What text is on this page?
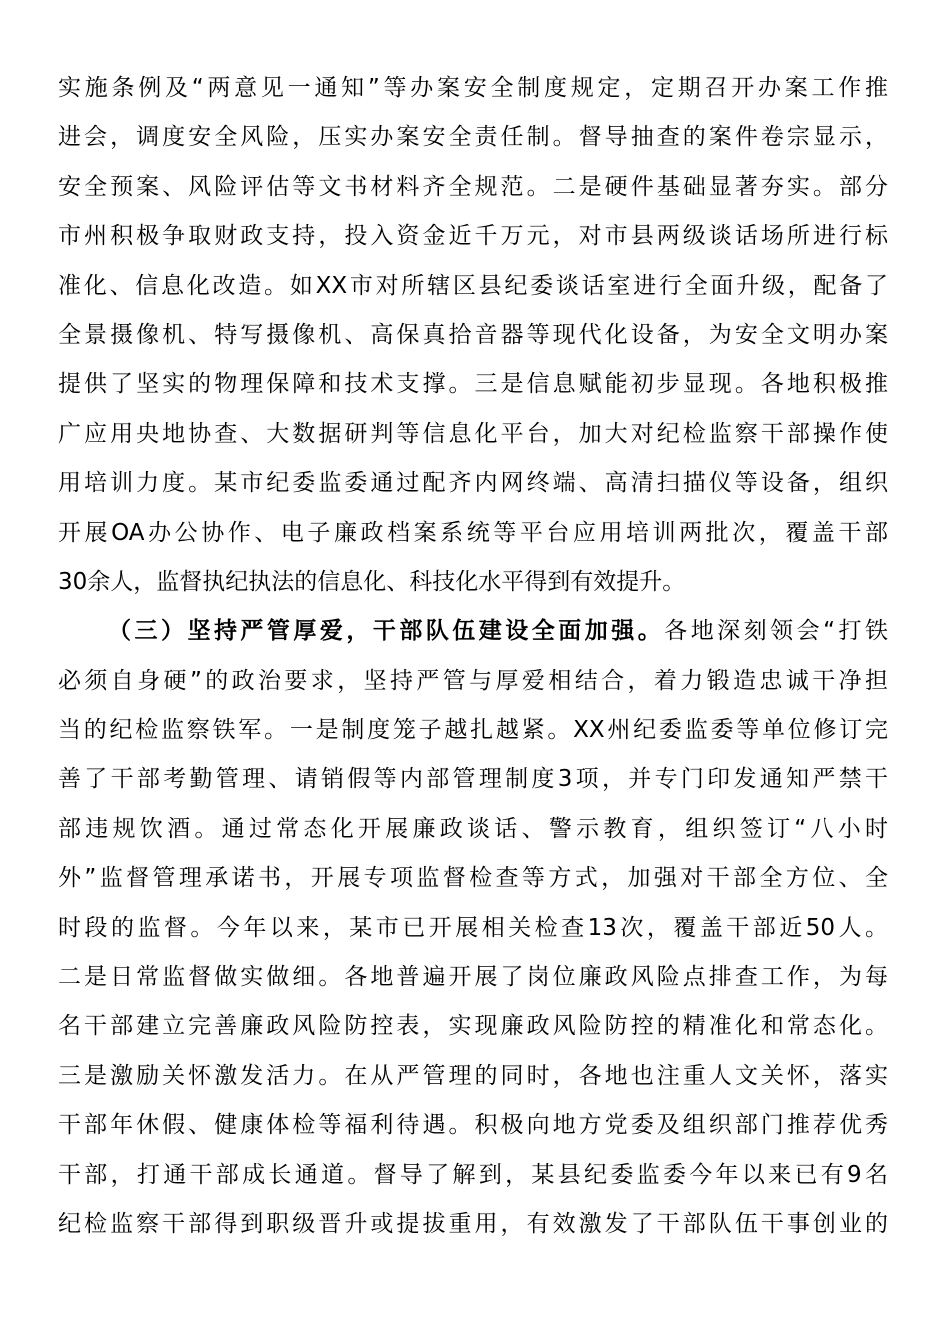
实施条例及“两意见一通知”等办案安全制度规定，定期召开办案工作推
进会，调度安全风险，压实办案安全责任制。督导抽查的案件卷宗显示，
安全预案、风险评估等文书材料齐全规范。二是硬件基础显著夯实。部分
市州积极争取财政支持，投入资金近千万元，对市县两级谈话场所进行标
准化、信息化改造。如XX市对所辖区县纪委谈话室进行全面升级，配备了
全景摄像机、特写摄像机、高保真拾音器等现代化设备，为安全文明办案
提供了坚实的物理保障和技术支撑。三是信息赋能初步显现。各地积极推
广应用央地协查、大数据研判等信息化平台，加大对纪检监察干部操作使
用培训力度。某市纪委监委通过配齐内网终端、高清扫描仪等设备，组织
开展OA办公协作、电子廉政档案系统等平台应用培训两批次，覆盖干部
30余人，监督执纪执法的信息化、科技化水平得到有效提升。
（三）坚持严管厚爱，干部队伍建设全面加强。各地深刻领会“打铁
必须自身硬”的政治要求，坚持严管与厚爱相结合，着力锻造忠诚干净担
当的纪检监察铁军。一是制度笼子越扎越紧。XX州纪委监委等单位修订完
善了干部考勤管理、请销假等内部管理制度3项，并专门印发通知严禁干
部违规饮酒。通过常态化开展廉政谈话、警示教育，组织签订“八小时
外”监督管理承诺书，开展专项监督检查等方式，加强对干部全方位、全
时段的监督。今年以来，某市已开展相关检查13次，覆盖干部近50人。
二是日常监督做实做细。各地普遍开展了岗位廉政风险点排查工作，为每
名干部建立完善廉政风险防控表，实现廉政风险防控的精准化和常态化。
三是激励关怀激发活力。在从严管理的同时，各地也注重人文关怀，落实
干部年休假、健康体检等福利待遇。积极向地方党委及组织部门推荐优秀
干部，打通干部成长通道。督导了解到，某县纪委监委今年以来已有9名
纪检监察干部得到职级晋升或提拔重用，有效激发了干部队伍干事创业的
